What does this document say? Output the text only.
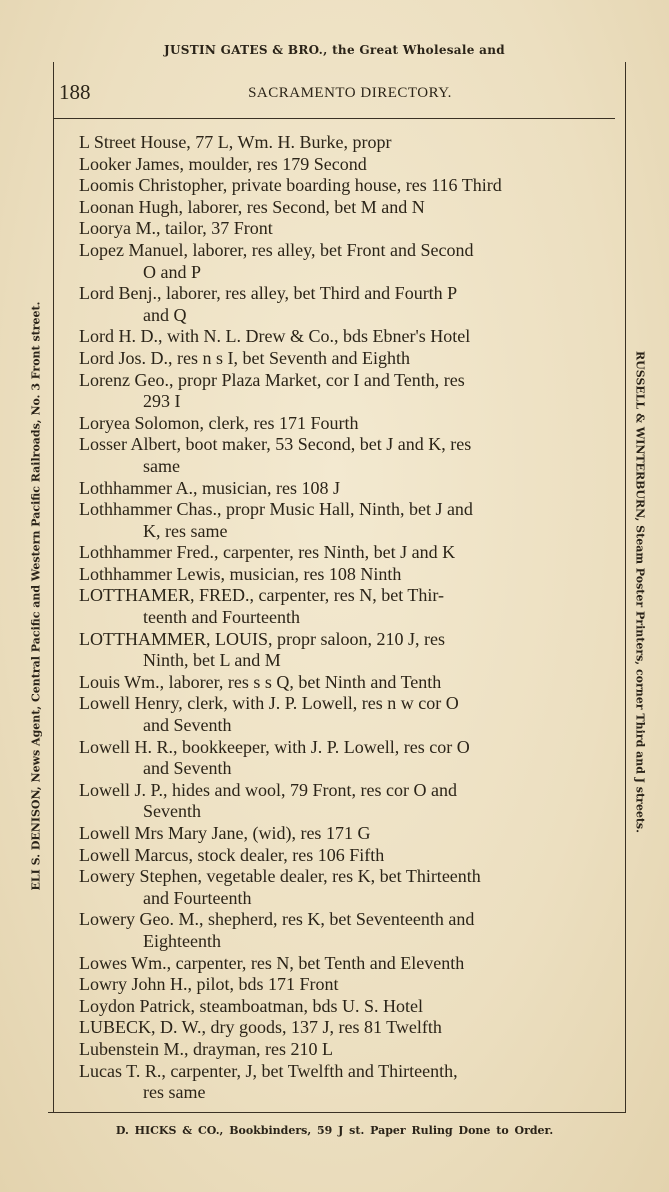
JUSTIN GATES & BRO., the Great Wholesale and
ELI S. DENISON, News Agent, Central Pacific and Western Pacific Railroads, No. 3 Front street.	RUSSELL & WINTERBURN, Steam Poster Printers, corner Third and J streets.
188	SACRAMENTO DIRECTORY.

L Street House, 77 L, Wm. H. Burke, propr

Looker James, moulder, res 179 Second

Loomis Christopher, private boarding house, res 116 Third

Loonan Hugh, laborer, res Second, bet M and N

Loorya M., tailor, 37 Front

Lopez Manuel, laborer, res alley, bet Front and Second
O and P

Lord Benj., laborer, res alley, bet Third and Fourth P
and Q

Lord H. D., with N. L. Drew & Co., bds Ebner's Hotel

Lord Jos. D., res n s I, bet Seventh and Eighth

Lorenz Geo., propr Plaza Market, cor I and Tenth, res
293 I

Loryea Solomon, clerk, res 171 Fourth

Losser Albert, boot maker, 53 Second, bet J and K, res
same

Lothhammer A., musician, res 108 J

Lothhammer Chas., propr Music Hall, Ninth, bet J and
K, res same

Lothhammer Fred., carpenter, res Ninth, bet J and K

Lothhammer Lewis, musician, res 108 Ninth

LOTTHAMER, FRED., carpenter, res N, bet Thir-
teenth and Fourteenth

LOTTHAMMER, LOUIS, propr saloon, 210 J, res
Ninth, bet L and M

Louis Wm., laborer, res s s Q, bet Ninth and Tenth

Lowell Henry, clerk, with J. P. Lowell, res n w cor O
and Seventh

Lowell H. R., bookkeeper, with J. P. Lowell, res cor O
and Seventh

Lowell J. P., hides and wool, 79 Front, res cor O and
Seventh

Lowell Mrs Mary Jane, (wid), res 171 G

Lowell Marcus, stock dealer, res 106 Fifth

Lowery Stephen, vegetable dealer, res K, bet Thirteenth
and Fourteenth

Lowery Geo. M., shepherd, res K, bet Seventeenth and
Eighteenth

Lowes Wm., carpenter, res N, bet Tenth and Eleventh

Lowry John H., pilot, bds 171 Front

Loydon Patrick, steamboatman, bds U. S. Hotel

LUBECK, D. W., dry goods, 137 J, res 81 Twelfth

Lubenstein M., drayman, res 210 L

Lucas T. R., carpenter, J, bet Twelfth and Thirteenth,
res same

D. HICKS & CO., Bookbinders, 59 J st. Paper Ruling Done to Order.
